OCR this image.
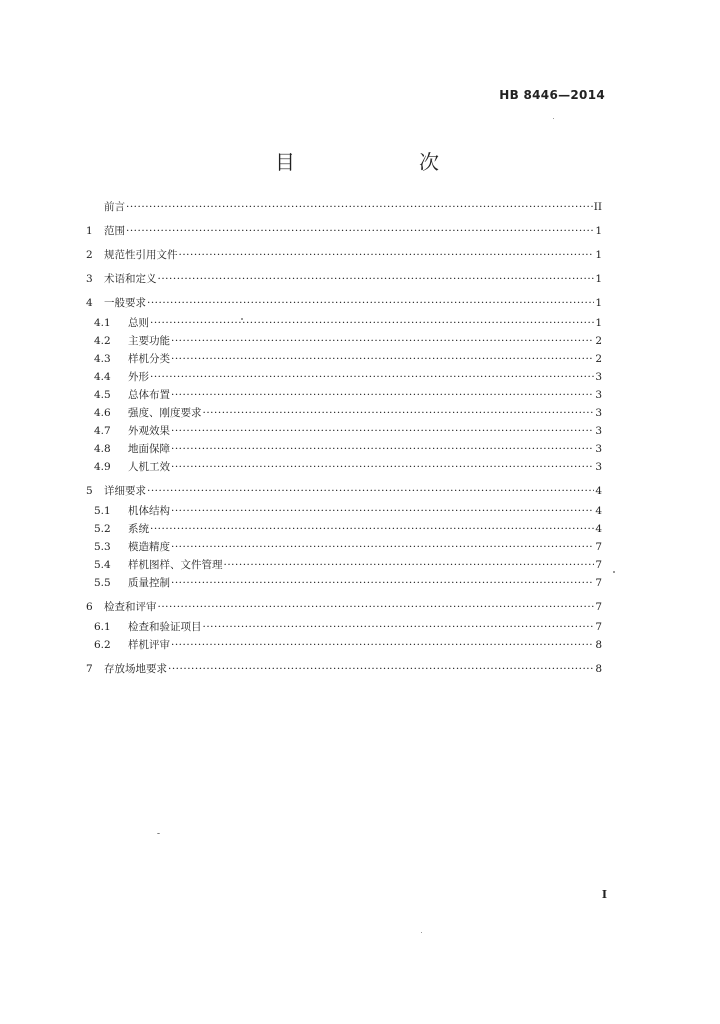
HB 8446—2014
目　　次
前言 ·····	II
1	范围 ·····	1
2	规范性引用文件 ·····	1
3	术语和定义 ·····	1
4	一般要求 ·····	1
4.1	总则 ·····	1
4.2	主要功能 ·····	2
4.3	样机分类 ·····	2
4.4	外形 ·····	3
4.5	总体布置 ·····	3
4.6	强度、刚度要求 ·····	3
4.7	外观效果 ·····	3
4.8	地面保障 ·····	3
4.9	人机工效 ·····	3
5	详细要求 ·····	4
5.1	机体结构 ·····	4
5.2	系统 ·····	4
5.3	模造精度 ·····	7
5.4	样机图样、文件管理 ·····	7
5.5	质量控制 ·····	7
6	检查和评审 ·····	7
6.1	检查和验证项目 ·····	7
6.2	样机评审 ·····	8
7	存放场地要求 ·····	8
I
